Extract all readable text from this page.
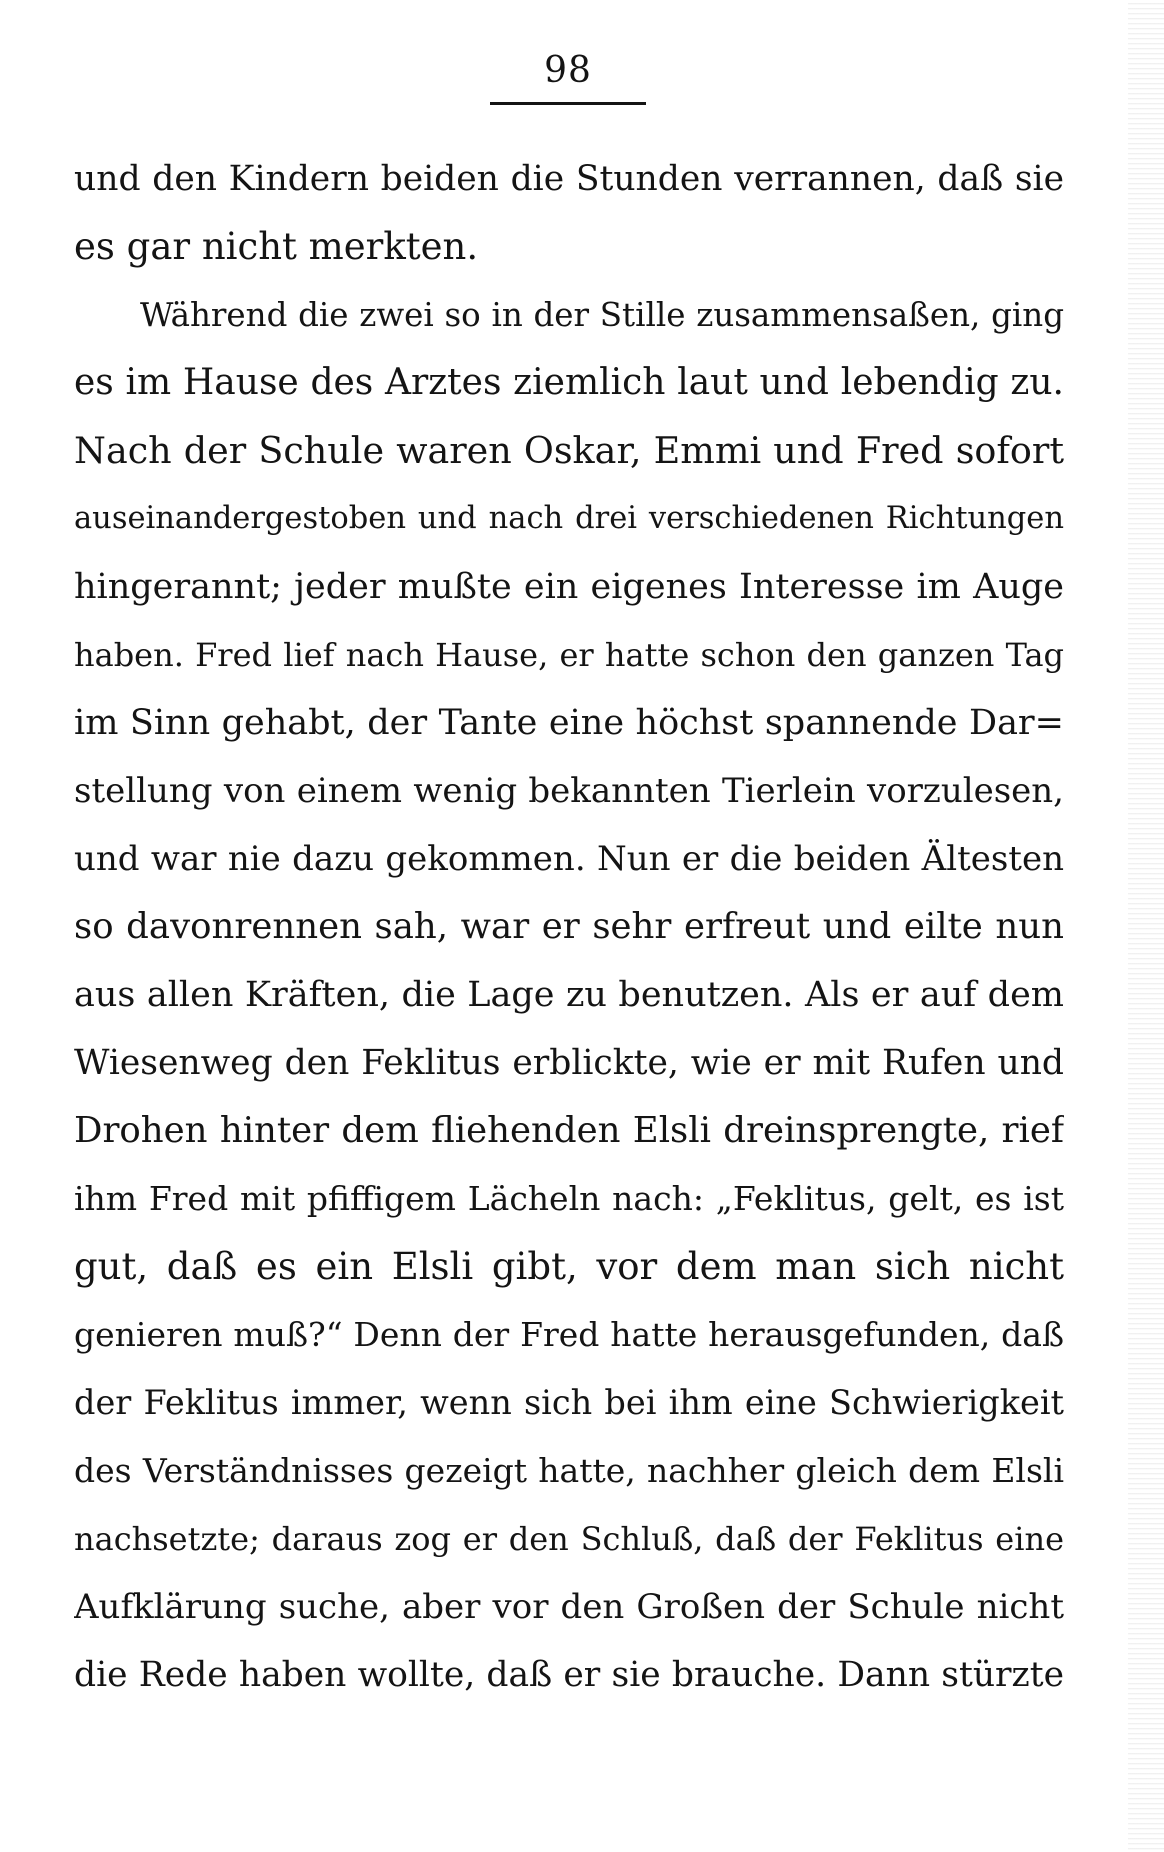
98
und den Kindern beiden die Stunden verrannen, daß sie
es gar nicht merkten.
Während die zwei so in der Stille zusammensaßen, ging
es im Hause des Arztes ziemlich laut und lebendig zu.
Nach der Schule waren Oskar, Emmi und Fred sofort
auseinandergestoben und nach drei verschiedenen Richtungen
hingerannt; jeder mußte ein eigenes Interesse im Auge
haben. Fred lief nach Hause, er hatte schon den ganzen Tag
im Sinn gehabt, der Tante eine höchst spannende Dar=
stellung von einem wenig bekannten Tierlein vorzulesen,
und war nie dazu gekommen. Nun er die beiden Ältesten
so davonrennen sah, war er sehr erfreut und eilte nun
aus allen Kräften, die Lage zu benutzen. Als er auf dem
Wiesenweg den Feklitus erblickte, wie er mit Rufen und
Drohen hinter dem fliehenden Elsli dreinsprengte, rief
ihm Fred mit pfiffigem Lächeln nach: „Feklitus, gelt, es ist
gut, daß es ein Elsli gibt, vor dem man sich nicht
genieren muß?“ Denn der Fred hatte herausgefunden, daß
der Feklitus immer, wenn sich bei ihm eine Schwierigkeit
des Verständnisses gezeigt hatte, nachher gleich dem Elsli
nachsetzte; daraus zog er den Schluß, daß der Feklitus eine
Aufklärung suche, aber vor den Großen der Schule nicht
die Rede haben wollte, daß er sie brauche. Dann stürzte
